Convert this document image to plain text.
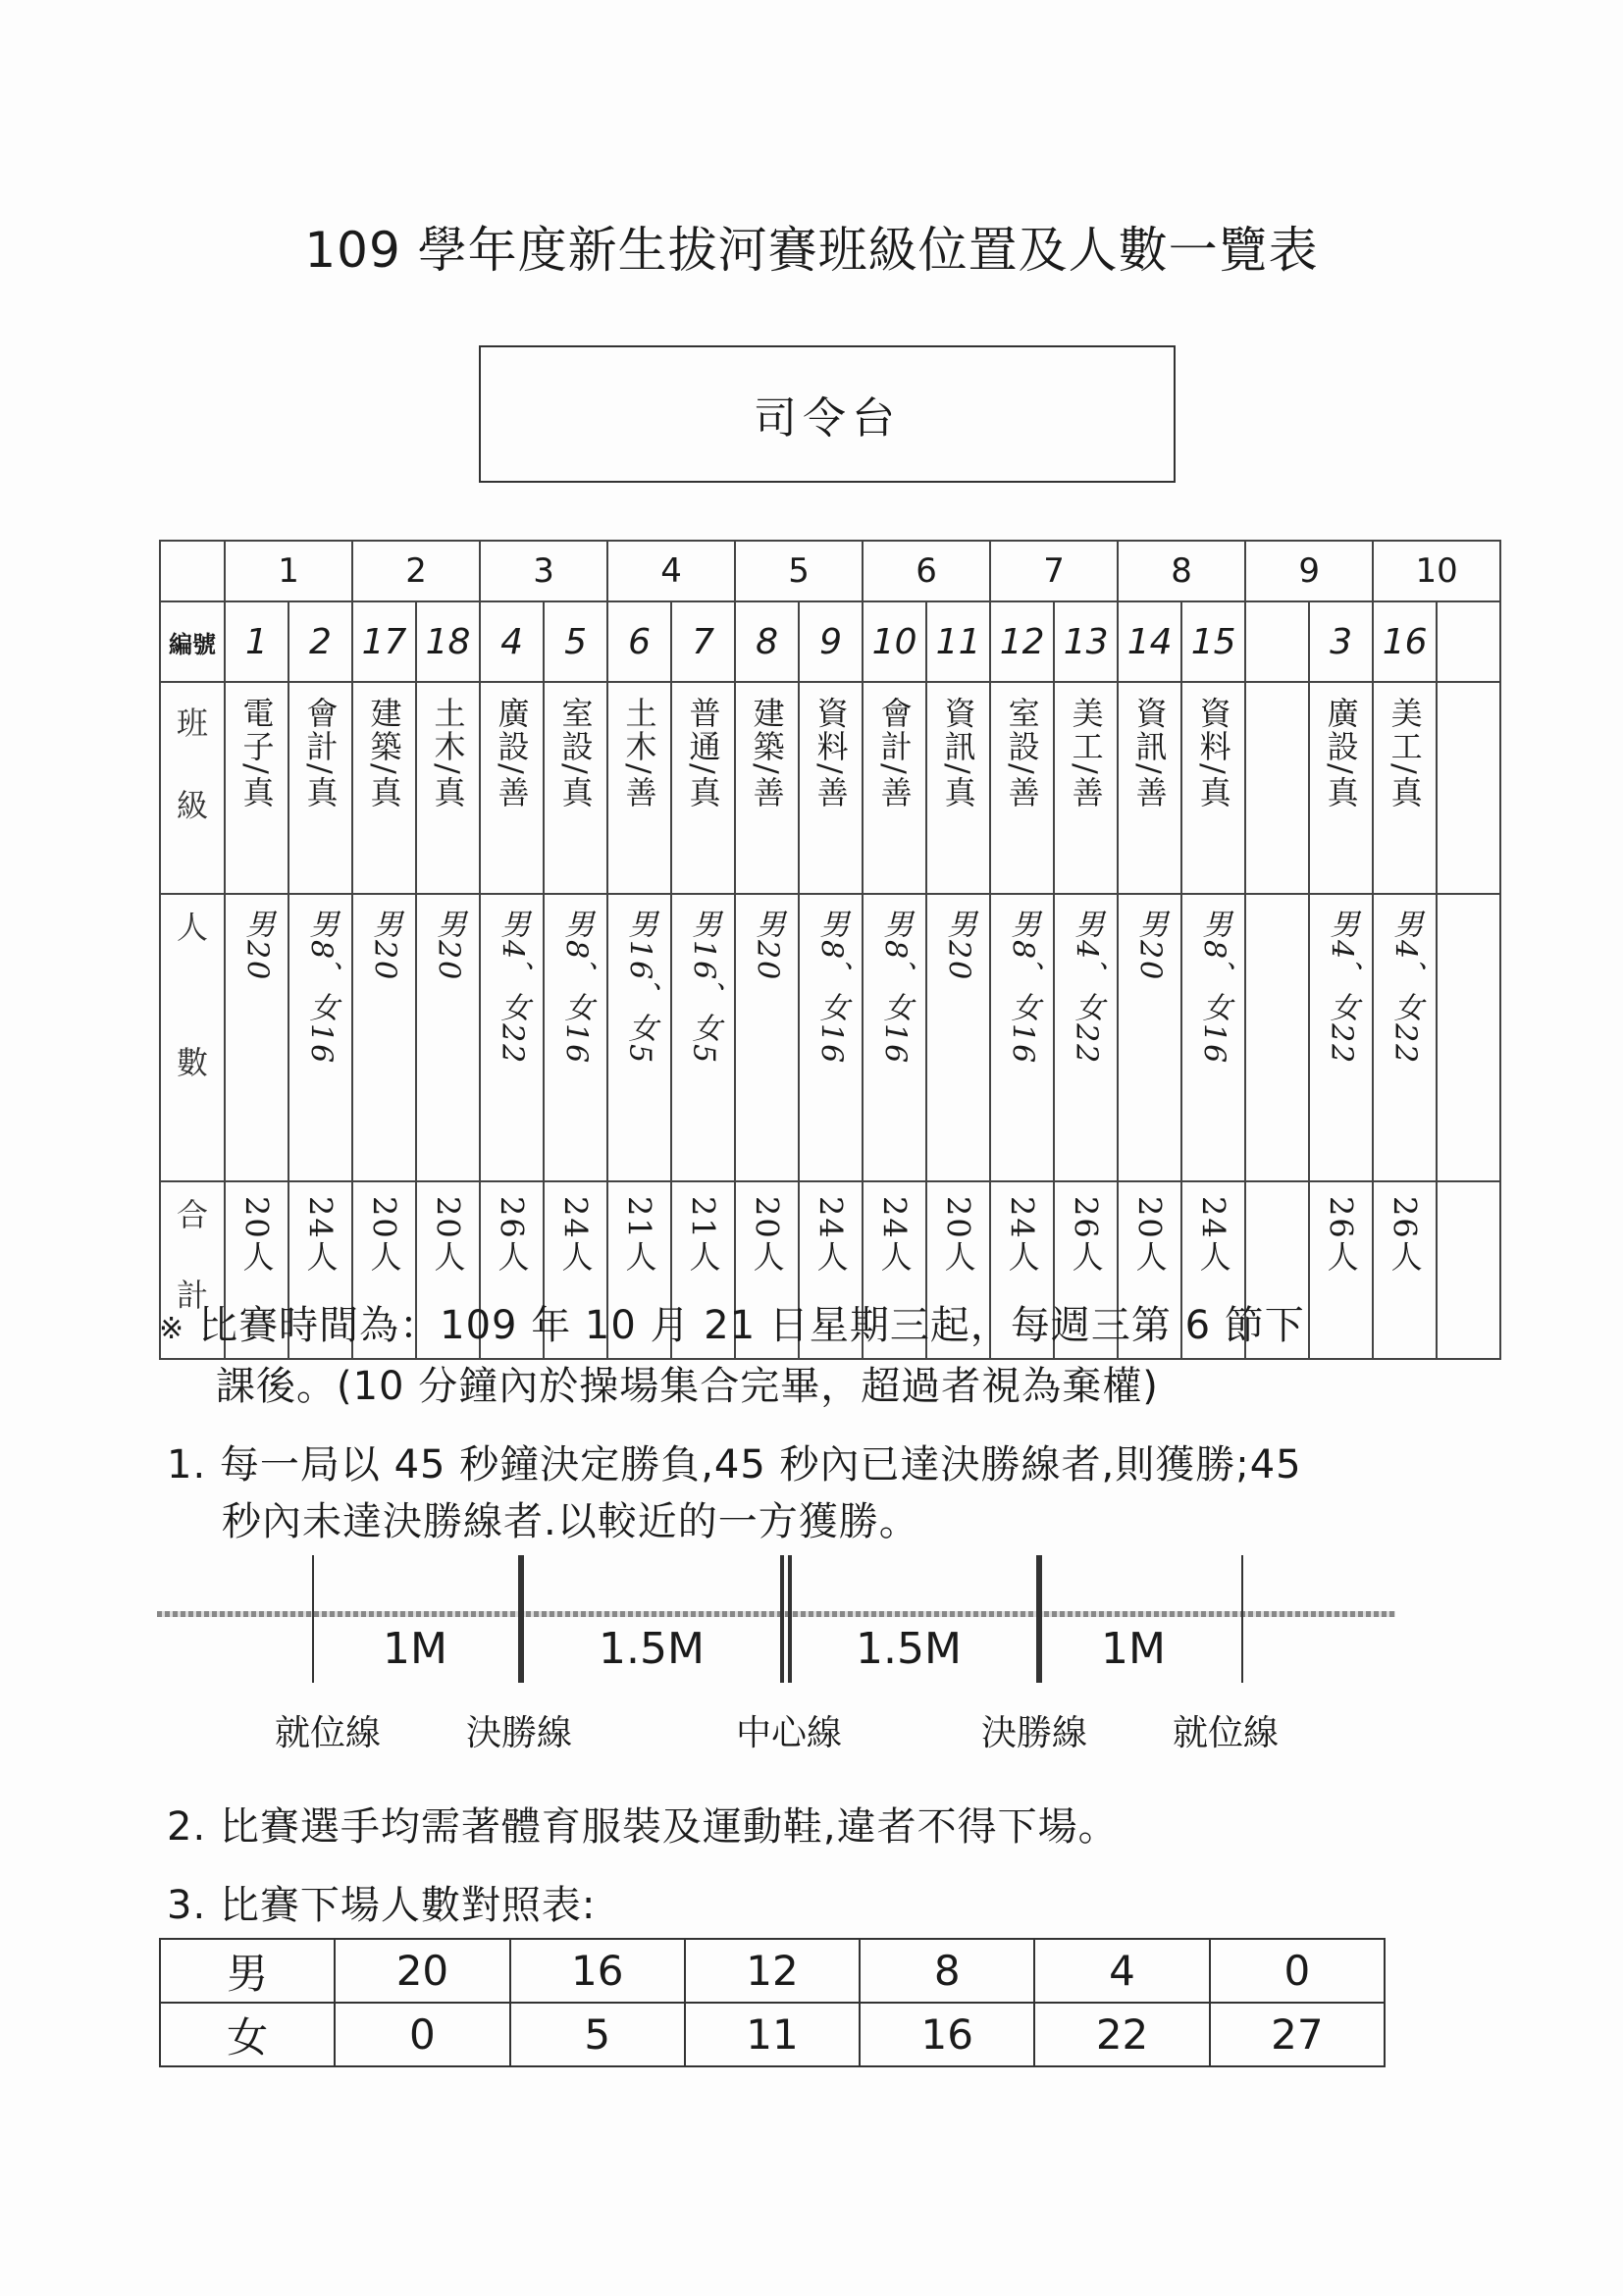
109 學年度新生拔河賽班級位置及人數一覽表
司令台
	1		2		3		4		5		6		7		8		9		10	
編號	1	2	17	18	4	5	6	7	8	9	10	11	12	13	14	15		3	16	

班
級	電子/真	會計/真	建築/真	土木/真	廣設/善	室設/真	土木/善	普通/真	建築/善	資料/善	會計/善	資訊/真	室設/善	美工/善	資訊/善	資料/真		廣設/真	美工/真	

人
數	男20	男8、女16	男20	男20	男4、女22	男8、女16	男16、女5	男16、女5	男20	男8、女16	男8、女16	男20	男8、女16	男4、女22	男20	男8、女16		男4、女22	男4、女22	

合
計	20人	24人	20人	20人	26人	24人	21人	21人	20人	24人	24人	20人	24人	26人	20人	24人		26人	26人	
※ 比賽時間為：109 年 10 月 21 日星期三起，每週三第 6 節下
課後。(10 分鐘內於操場集合完畢，超過者視為棄權)
1. 每一局以 45 秒鐘決定勝負,45 秒內已達決勝線者,則獲勝;45
秒內未達決勝線者.以較近的一方獲勝。
1M	1.5M	1.5M	1M
就位線 決勝線	中心線	決勝線 就位線
2. 比賽選手均需著體育服裝及運動鞋,違者不得下場。
3. 比賽下場人數對照表:
男	20	16	12	8	4	0
女	0	5	11	16	22	27
